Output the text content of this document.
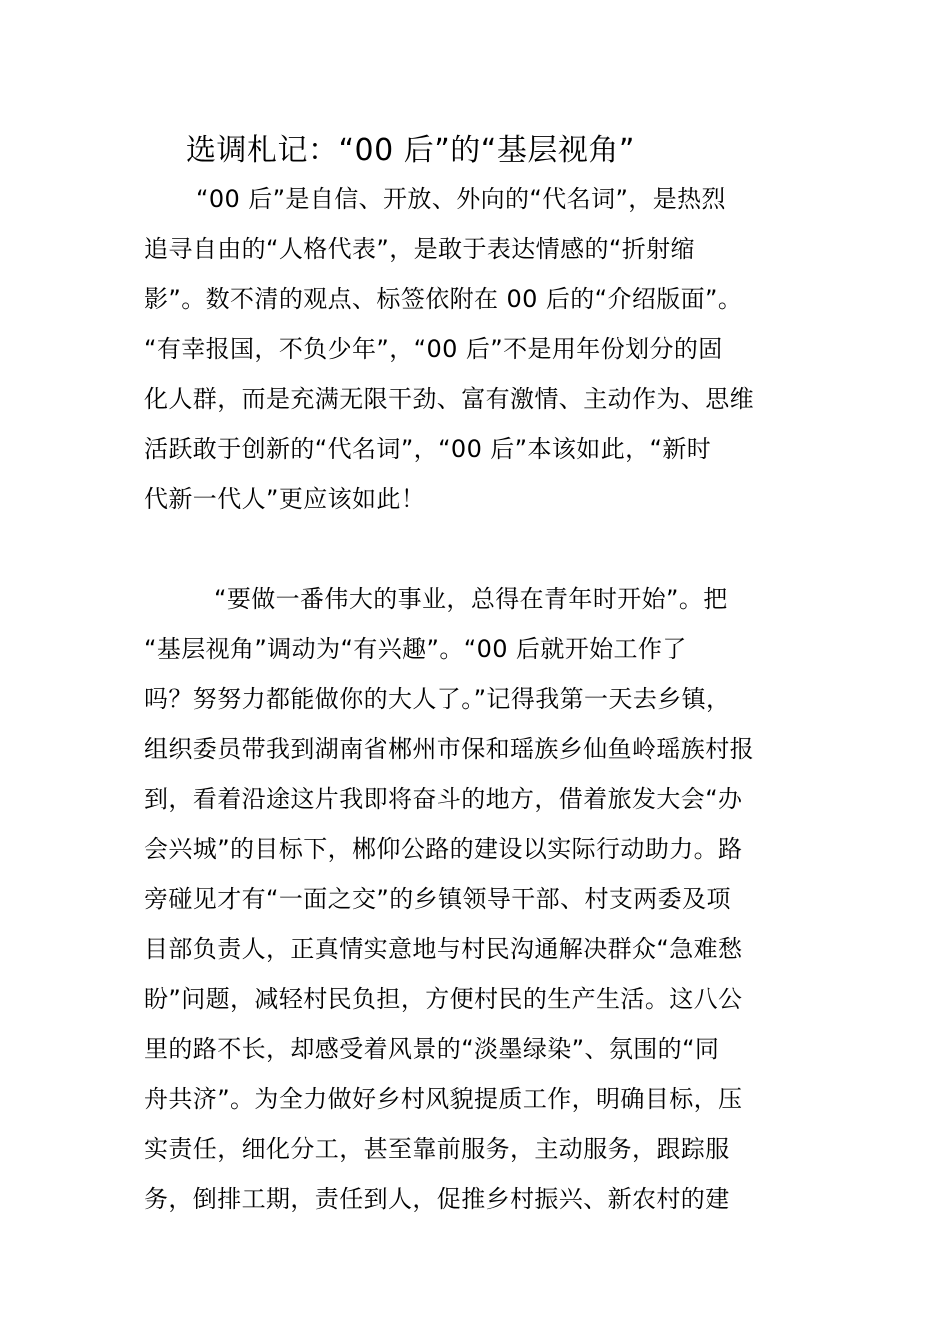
选调札记：“00 后”的“基层视角”
“00 后”是自信、开放、外向的“代名词”，是热烈
追寻自由的“人格代表”，是敢于表达情感的“折射缩
影”。数不清的观点、标签依附在 00 后的“介绍版面”。
“有幸报国，不负少年”，“00 后”不是用年份划分的固
化人群，而是充满无限干劲、富有激情、主动作为、思维
活跃敢于创新的“代名词”，“00 后”本该如此，“新时
代新一代人”更应该如此！
“要做一番伟大的事业，总得在青年时开始”。把
“基层视角”调动为“有兴趣”。“00 后就开始工作了
吗？努努力都能做你的大人了。”记得我第一天去乡镇，
组织委员带我到湖南省郴州市保和瑶族乡仙鱼岭瑶族村报
到，看着沿途这片我即将奋斗的地方，借着旅发大会“办
会兴城”的目标下，郴仰公路的建设以实际行动助力。路
旁碰见才有“一面之交”的乡镇领导干部、村支两委及项
目部负责人，正真情实意地与村民沟通解决群众“急难愁
盼”问题，减轻村民负担，方便村民的生产生活。这八公
里的路不长，却感受着风景的“淡墨绿染”、氛围的“同
舟共济”。为全力做好乡村风貌提质工作，明确目标，压
实责任，细化分工，甚至靠前服务，主动服务，跟踪服
务，倒排工期，责任到人，促推乡村振兴、新农村的建
